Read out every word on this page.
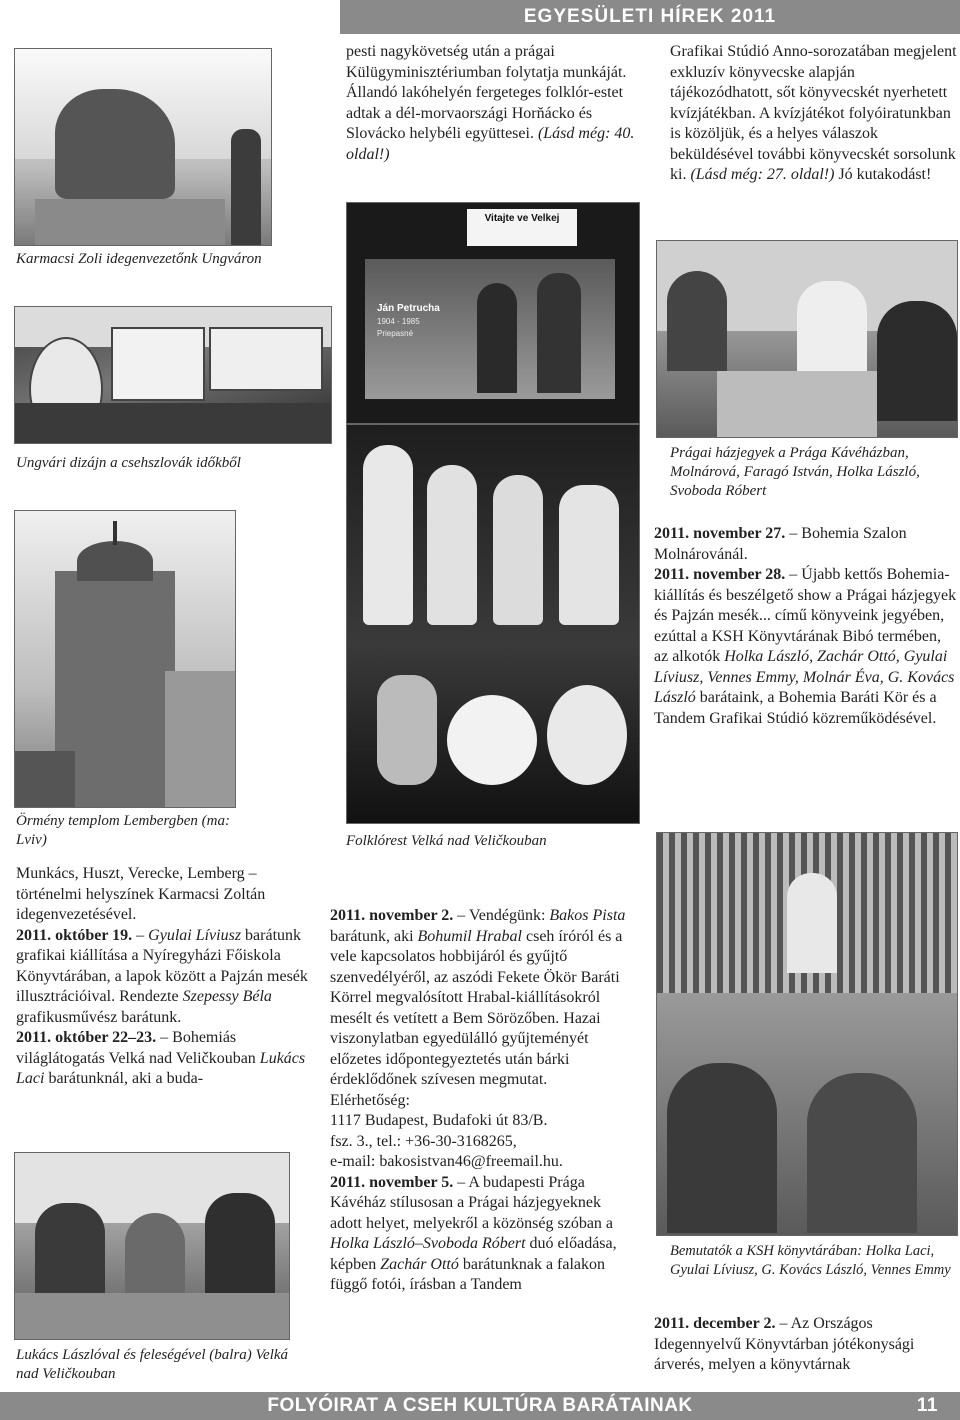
EGYESÜLETI HÍREK 2011
FOLYÓIRAT A CSEH KULTÚRA BARÁTAINAK	11
Karmacsi Zoli idegenvezetőnk Ungváron
Ungvári dizájn a csehszlovák időkből
Örmény templom Lembergben (ma: Lviv)

Munkács, Huszt, Verecke, Lemberg – történelmi helyszínek Karmacsi Zoltán idegenvezetésével.

2011. október 19. – Gyulai Líviusz barátunk grafikai kiállítása a Nyíregyházi Főiskola Könyvtárában, a lapok között a Pajzán mesék illusztrációival. Rendezte Szepessy Béla grafikusművész barátunk.

2011. október 22–23. – Bohemiás világlátogatás Velká nad Veličkouban Lukács Laci barátunknál, aki a buda-

Lukács Lászlóval és feleségével (balra) Velká nad Veličkouban

pesti nagykövetség után a prágai Külügyminisztériumban folytatja munkáját. Állandó lakóhelyén fergeteges folklór-estet adtak a dél-morvaországi Horňácko és Slovácko helybéli együttesei. (Lásd még: 40. oldal!)

Vitajte ve Velkej
Ján Petrucha
1904 - 1985
Priepasné
Folklórest Velká nad Veličkouban

2011. november 2. – Vendégünk: Bakos Pista barátunk, aki Bohumil Hrabal cseh íróról és a vele kapcsolatos hobbijáról és gyűjtő szenvedélyéről, az aszódi Fekete Ökör Baráti Körrel megvalósított Hrabal-kiállításokról mesélt és vetített a Bem Sörözőben. Hazai viszonylatban egyedülálló gyűjteményét előzetes időpontegyeztetés után bárki érdeklődőnek szívesen megmutat. Elérhetőség:

1117 Budapest, Budafoki út 83/B.

fsz. 3., tel.: +36-30-3168265,

e-mail: bakosistvan46@freemail.hu.

2011. november 5. – A budapesti Prága Kávéház stílusosan a Prágai házjegyeknek adott helyet, melyekről a közönség szóban a Holka László–Svoboda Róbert duó előadása, képben Zachár Ottó barátunknak a falakon függő fotói, írásban a Tandem

Grafikai Stúdió Anno-sorozatában megjelent exkluzív könyvecske alapján tájékozódhatott, sőt könyvecskét nyerhetett kvízjátékban. A kvízjátékot folyóiratunkban is közöljük, és a helyes válaszok beküldésével további könyvecskét sorsolunk ki. (Lásd még: 27. oldal!) Jó kutakodást!

Prágai házjegyek a Prága Kávéházban, Molnárová, Faragó István, Holka László, Svoboda Róbert

2011. november 27. – Bohemia Szalon Molnárovánál.

2011. november 28. – Újabb kettős Bohemia-kiállítás és beszélgető show a Prágai házjegyek és Pajzán mesék... című könyveink jegyében, ezúttal a KSH Könyvtárának Bibó termében, az alkotók Holka László, Zachár Ottó, Gyulai Líviusz, Vennes Emmy, Molnár Éva, G. Kovács László barátaink, a Bohemia Baráti Kör és a Tandem Grafikai Stúdió közreműködésével.

Bemutatók a KSH könyvtárában: Holka Laci, Gyulai Líviusz, G. Kovács László, Vennes Emmy

2011. december 2. – Az Országos Idegennyelvű Könyvtárban jótékonysági árverés, melyen a könyvtárnak
